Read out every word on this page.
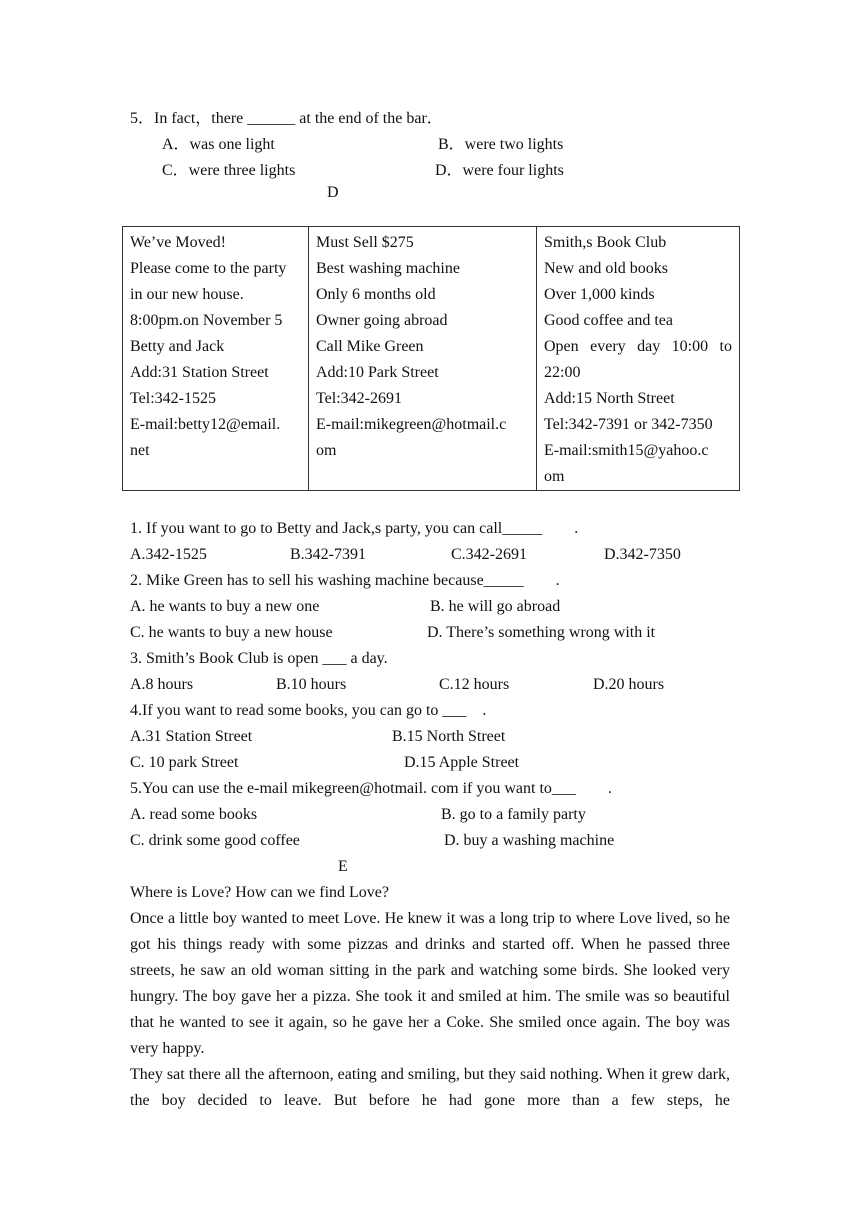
5．In fact，there ______ at the end of the bar．
A．was one light	B．were two lights
C．were three lights	D．were four lights
D
We’ve Moved!
Please come to the party
in our new house.
8:00pm.on November 5
Betty and Jack
Add:31 Station Street
Tel:342-1525
E-mail:betty12@email.
net

Must Sell $275
Best washing machine
Only 6 months old
Owner going abroad
Call Mike Green
Add:10 Park Street
Tel:342-2691
E-mail:mikegreen@hotmail.c
om

Smith,s Book Club
New and old books
Over 1,000 kinds
Good coffee and tea
Open every day 10:00 to
22:00
Add:15 North Street
Tel:342-7391 or 342-7350
E-mail:smith15@yahoo.c
om
1. If you want to go to Betty and Jack,s party, you can call_____        .
A.342-1525	B.342-7391	C.342-2691	D.342-7350
2. Mike Green has to sell his washing machine because_____        .
A. he wants to buy a new one	B. he will go abroad
C. he wants to buy a new house	D. There’s something wrong with it
3. Smith’s Book Club is open ___ a day.
A.8 hours	B.10 hours	C.12 hours	D.20 hours
4.If you want to read some books, you can go to ___    .
A.31 Station Street	B.15 North Street
C. 10 park Street	D.15 Apple Street
5.You can use the e-mail mikegreen@hotmail. com if you want to___        .
A. read some books	B. go to a family party
C. drink some good coffee	D. buy a washing machine
E
Where is Love? How can we find Love?
Once a little boy wanted to meet Love. He knew it was a long trip to where Love lived, so he got his things ready with some pizzas and drinks and started off. When he passed three streets, he saw an old woman sitting in the park and watching some birds. She looked very hungry. The boy gave her a pizza. She took it and smiled at him. The smile was so beautiful that he wanted to see it again, so he gave her a Coke. She smiled once again. The boy was very happy.
They sat there all the afternoon, eating and smiling, but they said nothing. When it grew dark, the boy decided to leave. But before he had gone more than a few steps, he
